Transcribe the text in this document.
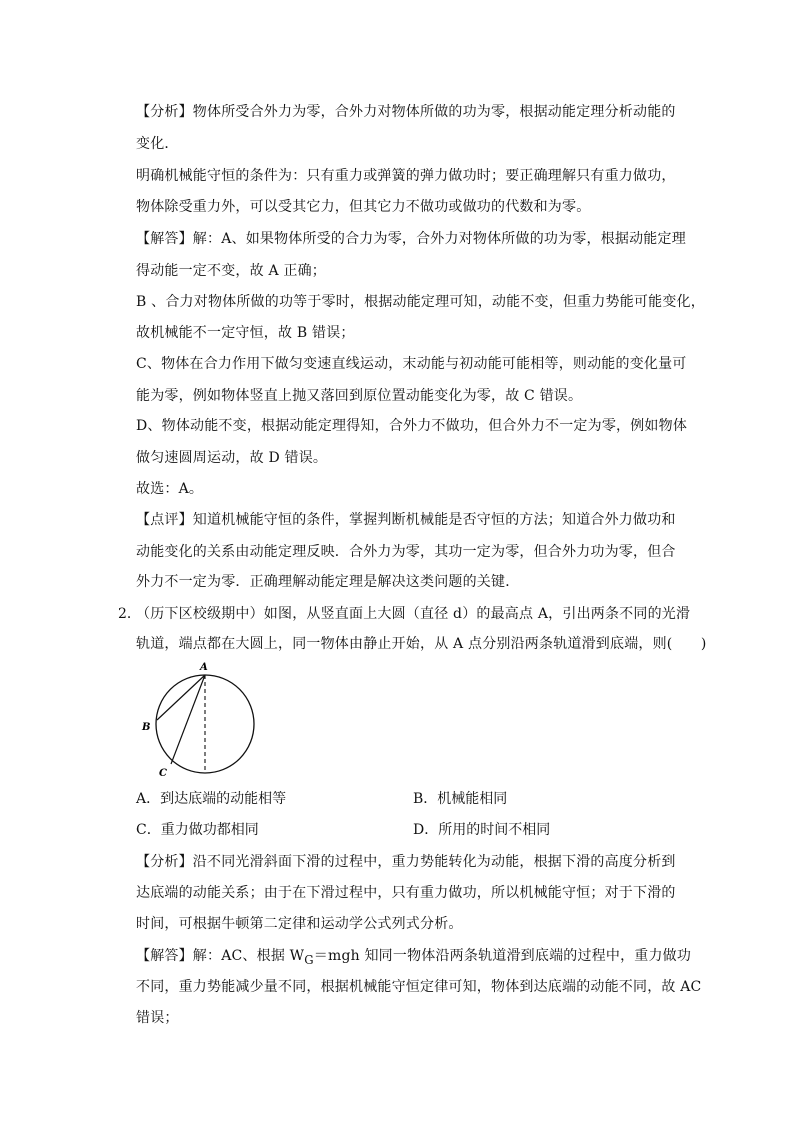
【分析】物体所受合外力为零，合外力对物体所做的功为零，根据动能定理分析动能的
变化．
明确机械能守恒的条件为：只有重力或弹簧的弹力做功时；要正确理解只有重力做功，
物体除受重力外，可以受其它力，但其它力不做功或做功的代数和为零。
【解答】解：A、如果物体所受的合力为零，合外力对物体所做的功为零，根据动能定理
得动能一定不变，故 A 正确；
B 、合力对物体所做的功等于零时，根据动能定理可知，动能不变，但重力势能可能变化，
故机械能不一定守恒，故 B 错误；
C、物体在合力作用下做匀变速直线运动，末动能与初动能可能相等，则动能的变化量可
能为零，例如物体竖直上抛又落回到原位置动能变化为零，故 C 错误。
D、物体动能不变，根据动能定理得知，合外力不做功，但合外力不一定为零，例如物体
做匀速圆周运动，故 D 错误。
故选：A。
【点评】知道机械能守恒的条件，掌握判断机械能是否守恒的方法；知道合外力做功和
动能变化的关系由动能定理反映．合外力为零，其功一定为零，但合外力功为零，但合
外力不一定为零．正确理解动能定理是解决这类问题的关键．
2．
（历下区校级期中）如图，从竖直面上大圆（直径 d）的最高点 A，引出两条不同的光滑
轨道，端点都在大圆上，同一物体由静止开始，从 A 点分别沿两条轨道滑到底端，则(　　)
A
B
C
A．到达底端的动能相等	B．机械能相同
C．重力做功都相同	D．所用的时间不相同
【分析】沿不同光滑斜面下滑的过程中，重力势能转化为动能，根据下滑的高度分析到
达底端的动能关系；由于在下滑过程中，只有重力做功，所以机械能守恒；对于下滑的
时间，可根据牛顿第二定律和运动学公式列式分析。
【解答】解：AC、根据 $W_G=mgh$ 知同一物体沿两条轨道滑到底端的过程中，重力做功
不同，重力势能减少量不同，根据机械能守恒定律可知，物体到达底端的动能不同，故 AC
错误；
